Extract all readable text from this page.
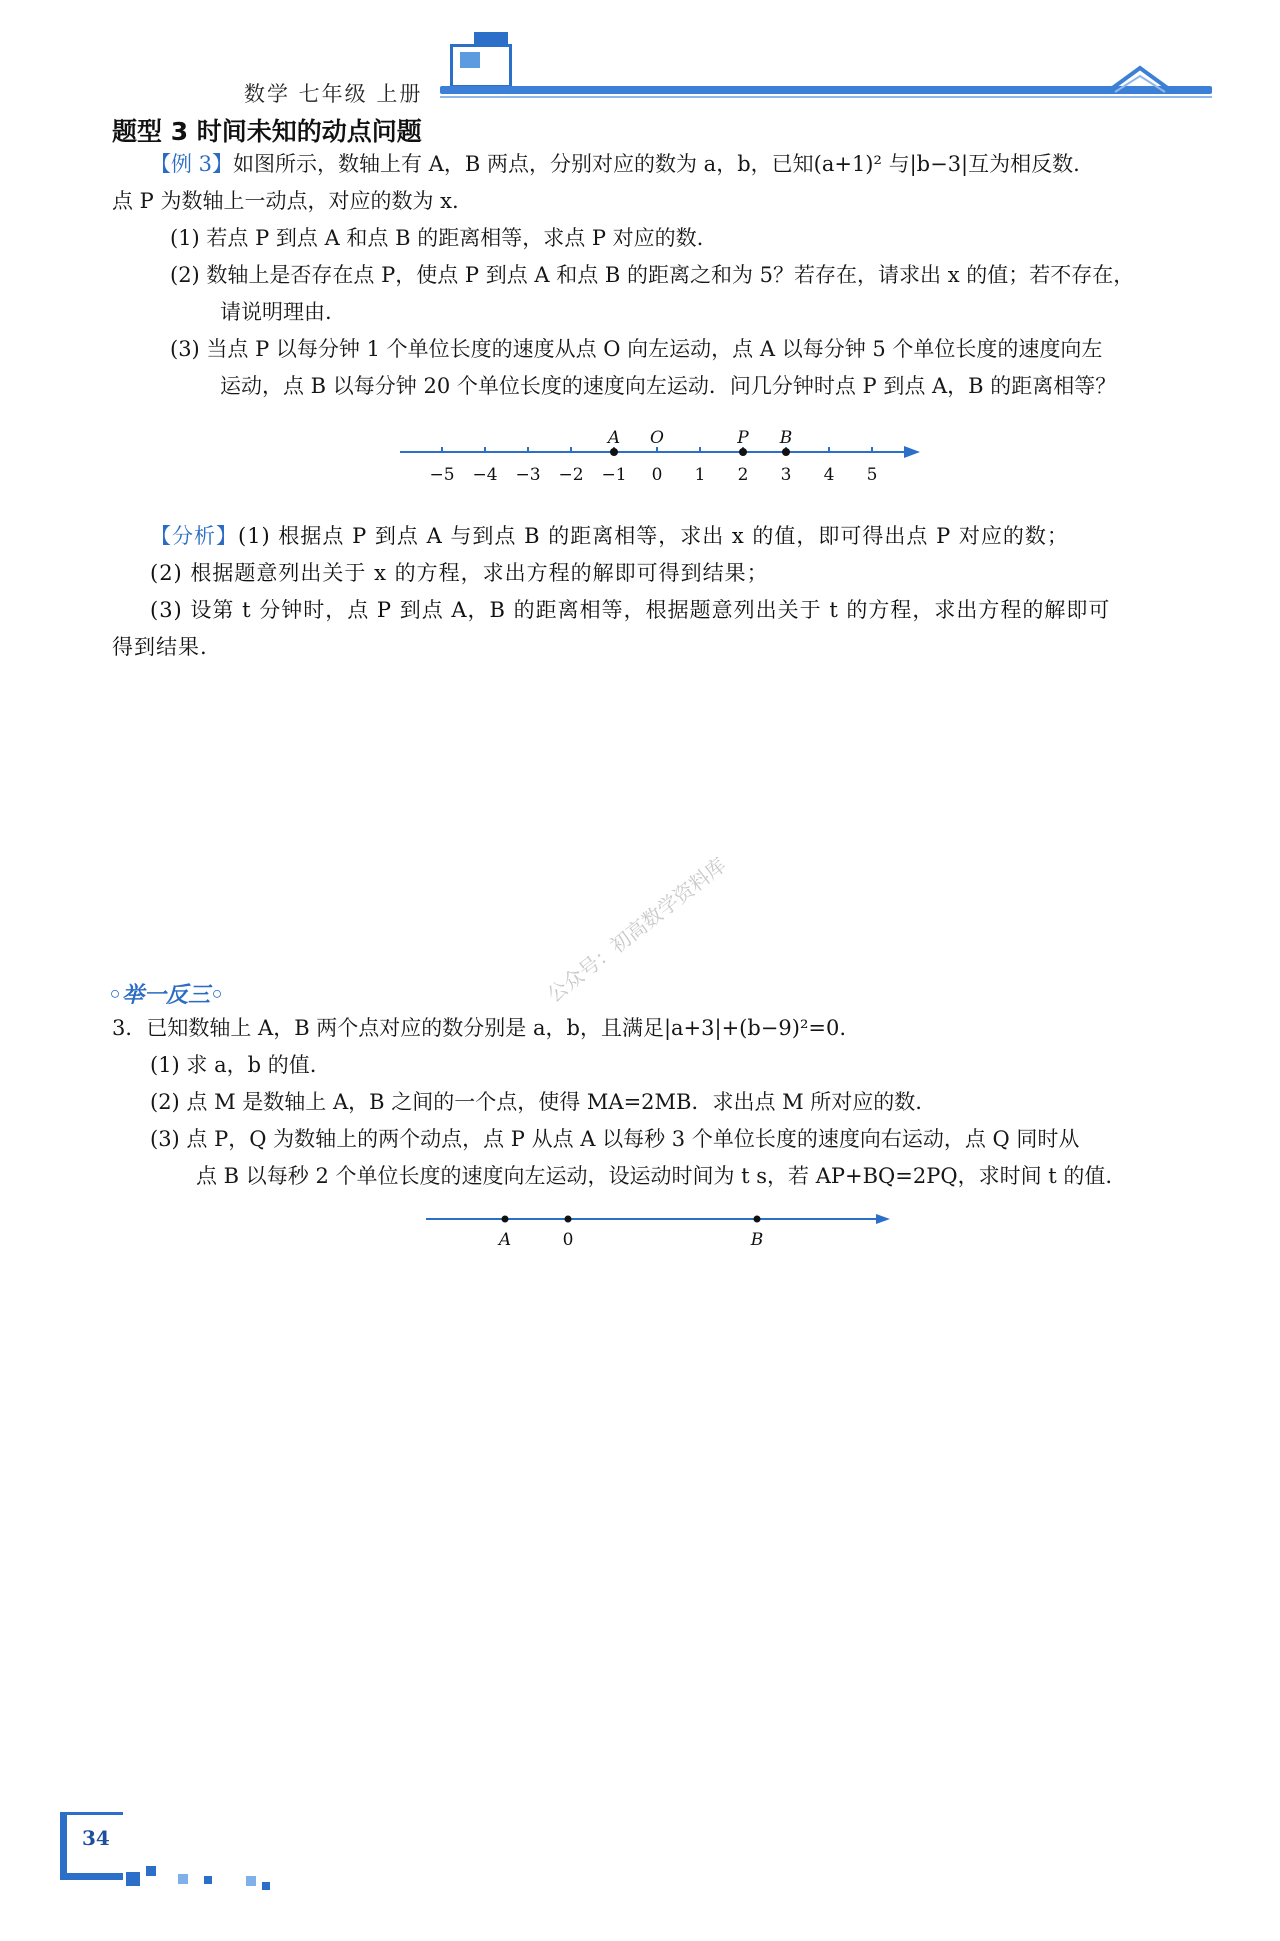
数学 七年级 上册
题型 3 时间未知的动点问题
【例 3】如图所示，数轴上有 A，B 两点，分别对应的数为 a，b，已知(a+1)² 与|b−3|互为相反数.
点 P 为数轴上一动点，对应的数为 x.
(1) 若点 P 到点 A 和点 B 的距离相等，求点 P 对应的数.
(2) 数轴上是否存在点 P，使点 P 到点 A 和点 B 的距离之和为 5？若存在，请求出 x 的值；若不存在，
请说明理由.
(3) 当点 P 以每分钟 1 个单位长度的速度从点 O 向左运动，点 A 以每分钟 5 个单位长度的速度向左
运动，点 B 以每分钟 20 个单位长度的速度向左运动．问几分钟时点 P 到点 A，B 的距离相等？
−5 −4 −3 −2 −1 0 1 2 3 4 5
A O	P B
【分析】(1) 根据点 P 到点 A 与到点 B 的距离相等，求出 x 的值，即可得出点 P 对应的数；
(2) 根据题意列出关于 x 的方程，求出方程的解即可得到结果；
(3) 设第 t 分钟时，点 P 到点 A，B 的距离相等，根据题意列出关于 t 的方程，求出方程的解即可
得到结果.
◦举一反三◦
3．已知数轴上 A，B 两个点对应的数分别是 a，b，且满足|a+3|+(b−9)²=0.
(1) 求 a，b 的值.
(2) 点 M 是数轴上 A，B 之间的一个点，使得 MA=2MB．求出点 M 所对应的数.
(3) 点 P，Q 为数轴上的两个动点，点 P 从点 A 以每秒 3 个单位长度的速度向右运动，点 Q 同时从
点 B 以每秒 2 个单位长度的速度向左运动，设运动时间为 t s，若 AP+BQ=2PQ，求时间 t 的值.
A	0	B
公众号：初高数学资料库
34
